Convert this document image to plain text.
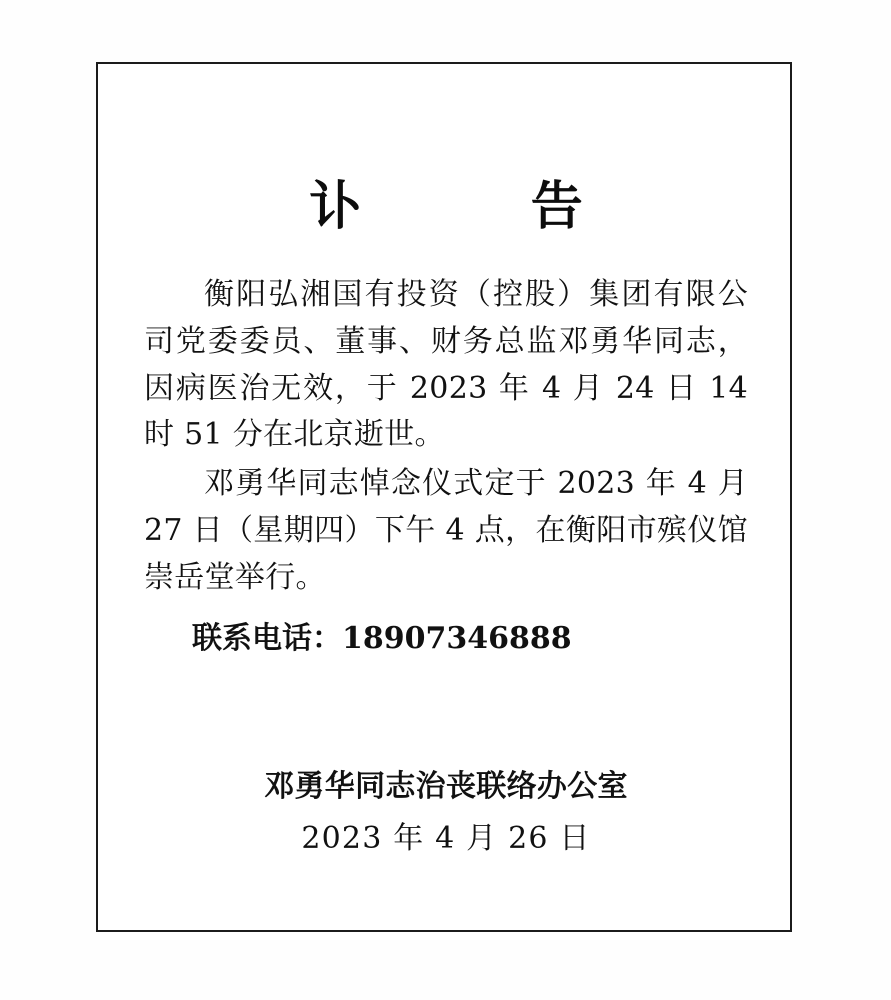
讣　　告

衡阳弘湘国有投资（控股）集团有限公司党委委员、董事、财务总监邓勇华同志，因病医治无效，于 2023 年 4 月 24 日 14 时 51 分在北京逝世。

邓勇华同志悼念仪式定于 2023 年 4 月 27 日（星期四）下午 4 点，在衡阳市殡仪馆崇岳堂举行。

联系电话：18907346888

邓勇华同志治丧联络办公室
2023 年 4 月 26 日
